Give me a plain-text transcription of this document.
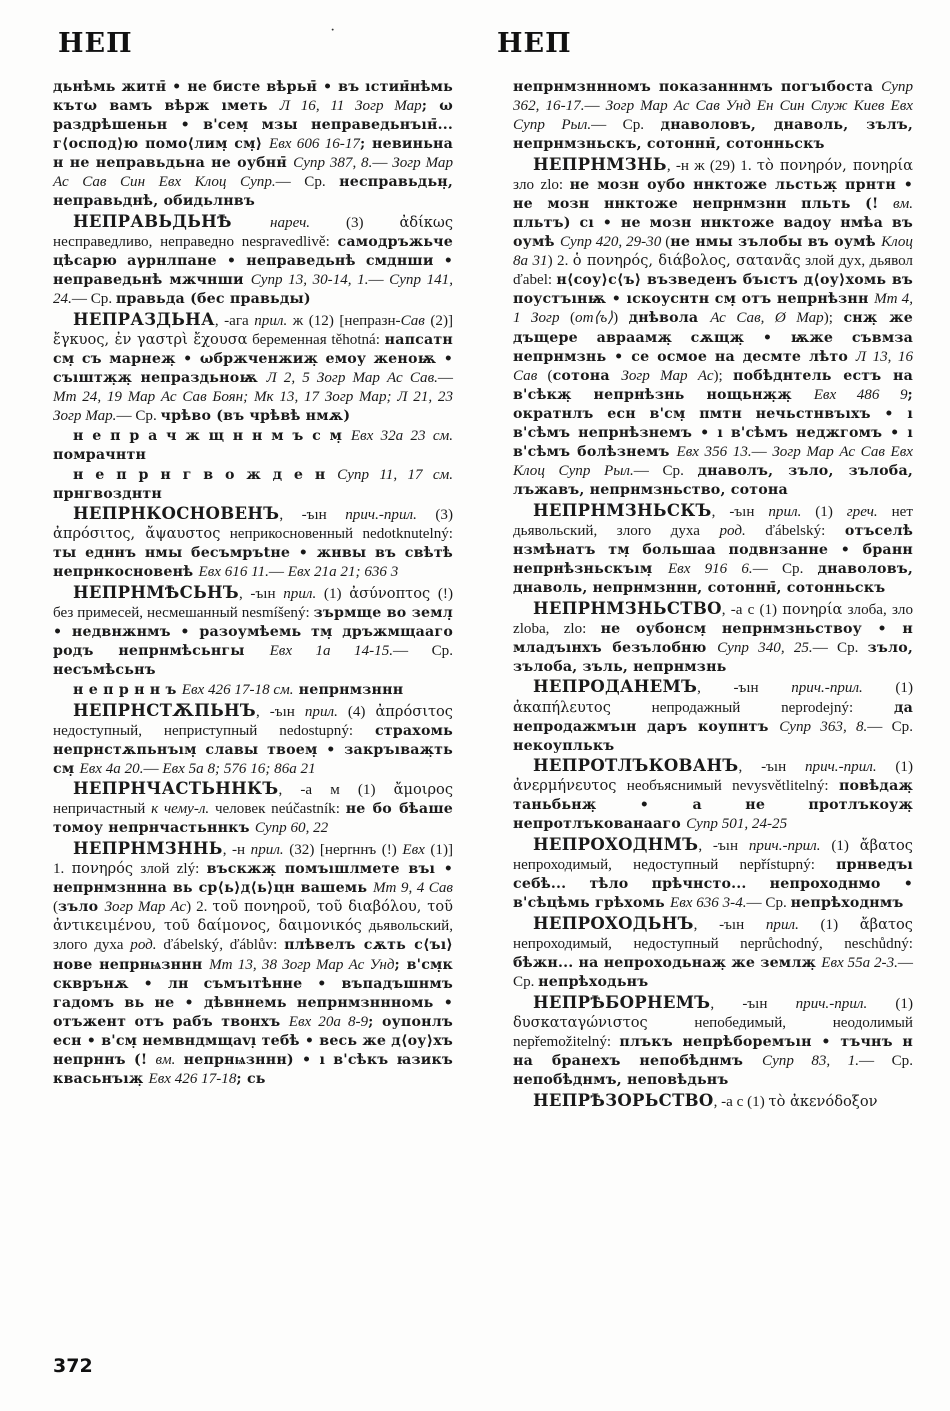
НЕП	·	НЕП

дьнѣмь житн̄ • не бисте вѣрьн̄ • въ ıстин̄нѣмь кътω вамъ вѣрж ıметь Л 16, 11 Зогр Мар; ω раздрѣшеньн • в'сем̣ мзы неправедьнъıн̄... г⟨оспод⟩ю помо⟨лим̣ см̣⟩ Евх 606 16-17; невиньна н не неправьдьна не оубнн̄ Супр 387, 8.— Зогр Мар Ас Сав Син Евх Клоц Супр.— Ср. несправьдьн̣, неправьднѣ, обидьлнвъ

НЕПРАВЬДЬНѢ нареч. (3) ἀδίκως несправедливо, неправедно nespravedlivě: самодръжьче цѣсарю аγрнлпане • неправедьнѣ смднши • неправедьнѣ мжчнши Супр 13, 30-14, 1.— Супр 141, 24.— Ср. правьда (бес правьды)

НЕПРАЗДЬНА, -ага прил. ж (12) [непразн-Сав (2)] ἔγκυος, ἐν γαστρὶ ἔχουσα беременная těhotná: нaпcaтн см̣ съ марнеж̣ • ωбржченжиж̣ емоу женоѭ • съıштж̣ж̣ непраздьноѭ Л 2, 5 Зогр Мар Ас Сав.— Мт 24, 19 Мар Ас Сав Боян; Мк 13, 17 Зогр Мар; Л 21, 23 Зогр Мар.— Ср. чрѣво (въ чрѣвѣ нмѫ)

н е п р а ч ж щ н н м ъ с м̣ Евх 32а 23 см. помрачнтн

н е п р н г в о ж д е н Супр 11, 17 см. прнгвозднтн

НЕПРНКОСНОВЕНЪ, -ъıн прич.-прил. (3) ἀπρόσιτος, ἄψαυστος неприкосновенный nedotknutelný: ты едннъ нмы бесъмръtне • жнвы въ свѣтѣ непрнкосновенѣ Евх 616 11.— Евх 21а 21; 636 3

НЕПРНМѢСЬНЪ, -ъıн прил. (1) ἀσύνοπτος (!) без примесей, несмешанный nesmíšený: зърмще во земл̣̣ • недвнжнмъ • разоумѣемь тм̣ дръжмщааго родъ непрнмѣсьнгы Евх 1а 14-15.— Ср. несъмѣсьнъ

н е п р н н ъ Евх 426 17-18 см. непрнмзннн

НЕПРНСТѪПЬНЪ, -ъıн прил. (4) ἀπρόσιτος недоступный, неприступный nedostupný: страхомь непрнстѫпьнъıм̣ славы твоем̣ • закръıвaж̣ть см̣ Евх 4а 20.— Евх 5а 8; 576 16; 86а 21

НЕПРНЧАСТЬННКЪ, -а м (1) ἄμοιρος непричастный к чему-л. человек neúčastník: не бо бѣаше томоу непрнчастьннкъ Супр 60, 22

НЕПРНМЗННЬ, -н прил. (32) [неprннъ (!) Евх (1)] 1. πονηρός злой zlý: въскжж̣ помъıшлмете въı • непрнмзннна вь ср⟨ь⟩д⟨ь⟩цн вашемь Мт 9, 4 Сав (зъло Зогр Мар Ас) 2. τοῦ πονηροῦ, τοῦ διαβόλου, τοῦ ἀντικειμένου, τοῦ δαίμονος, δαιμονικός дьявольский, злого духа род. ďábelský, ďáblův: плѣвелъ сѫть с⟨ъı⟩нове непрнѩзннн Мт 13, 38 Зогр Мар Ас Унд; в'см̣к скврънѫ • лн съмъıтѣнне • въпадъшнмъ гадомъ вь не • дѣвннемь непрнмзннномь • отъжент отъ рабъ твонхъ Евх 20а 8-9; оупонлъ есн • в'см̣ немвндмщаvı̣ тебѣ • весь же д⟨оу⟩хъ непрннъ (! вм. непрнѩзннн) • ı в'сѣкъ ꙗзикъ квасьнъıж̣ Евх 426 17-18; сь

непрнмзннномъ показанннмъ погъıбоста Супр 362, 16-17.— Зогр Мар Ас Сав Унд Ен Син Служ Киев Евх Супр Рыл.— Ср. днаволовъ, днаволь, зълъ, непрнмзньскъ, сотоннн̄, сотонньскъ

НЕПРНМЗНЬ, -н ж (29) 1. τὸ πονηρόν, πονηρία зло zlo: не мозн оубо ннктоже льстьж̣ прнтн • не мозн ннктоже непрнмзнн пльть (! вм. пльтъ) сı • не мозн ннктоже вадоу нмѣа въ оумѣ Супр 420, 29-30 (не нмы зълобы въ оумѣ Клоц 8а 31) 2. ὁ πονηρός, διάβολος, σατανᾶς злой дух, дьявол ďabel: н⟨соу⟩с⟨ъ⟩ възведенъ бъıстъ д⟨оу⟩хомь въ поустъıнѭ • ıскоуснтн см̣ отъ непрнѣзнн Мт 4, 1 Зогр (от⟨ъ⟩) днѣвола Ас Сав, Ø Мар); снж̣ же дъщере авраамж̣ сѫщж̣ • ѭже съвмза непрнмзнь • се осмое на десмте лѣто Л 13, 16 Сав (сотона Зогр Мар Ас); побѣднтель естъ на в'сѣкж̣ непрнѣзнь нощьнж̣ж̣ Евх 486 9; ократнлъ есн в'см̣ пмтн нечьстнвъıхъ • ı в'сѣмъ непрнѣзнемъ • ı в'сѣмъ неджгомъ • ı в'сѣмъ болѣзнемъ Евх 356 13.— Зогр Мар Ас Сав Евх Клоц Супр Рыл.— Ср. днаволъ, зъло, зълоба, лъжавъ, непрнмзньство, сотона

НЕПРНМЗНЬСКЪ, -ъıн прил. (1) греч. нет дьявольский, злого духа род. ďábelský: отъселѣ нзмѣнатъ тм̣ большаа подвнзанне • бранн непрнѣзньскъıм̣ Евх 916 6.— Ср. днаволовъ, днаволь, непрнмзннн, сотоннн̄, сотонньскъ

НЕПРНМЗНЬСТВО, -а с (1) πονηρία злоба, зло zloba, zlo: не оубонсм̣ непрнмзньствоу • н младъıнхъ безълобню Супр 340, 25.— Ср. зъло, зълоба, зъль, непрнмзнь

НЕПРОДАНЕМЪ, -ъıн прич.-прил. (1) ἀκαπήλευτος непродажный neprodejný: да непродажмъıн даръ коупнтъ Супр 363, 8.— Ср. некоуплькъ

НЕПРОТЛЪКОВАНЪ, -ъıн прич.-прил. (1) ἀνερμήνευτος необъяснимый nevysvětlitelný: повѣдаж̣ таньбьнж̣ • а не протлъкоуж̣ непротлъкованааго Супр 501, 24-25

НЕПРОХОДНМЪ, -ъıн прич.-прил. (1) ἄβατος непроходимый, недоступный nepřístupný: прнведъı себѣ... тѣло прѣчнсто... непроходнмо • в'сѣцѣмь грѣхомь Евх 636 3-4.— Ср. непрѣходнмъ

НЕПРОХОДЬНЪ, -ъıн прил. (1) ἄβατος непроходимый, недоступный neprůchodný, neschůdný: бѣжн... на непроходьнаж̣ же землж̣ Евх 55а 2-3.— Ср. непрѣходьнъ

НЕПРѢБОРНЕМЪ, -ъıн прич.-прил. (1) δυσκαταγώνιστος непобедимый, неодолимый nepřemožitelný: плъкъ непрѣборемъıн • тъчнъ н на бранехъ непобѣднмъ Супр 83, 1.— Ср. непобѣднмъ, неповѣдьнъ

НЕПРѢЗОРЬСТВО, -а с (1) τὸ ἀκενόδοξον

372
